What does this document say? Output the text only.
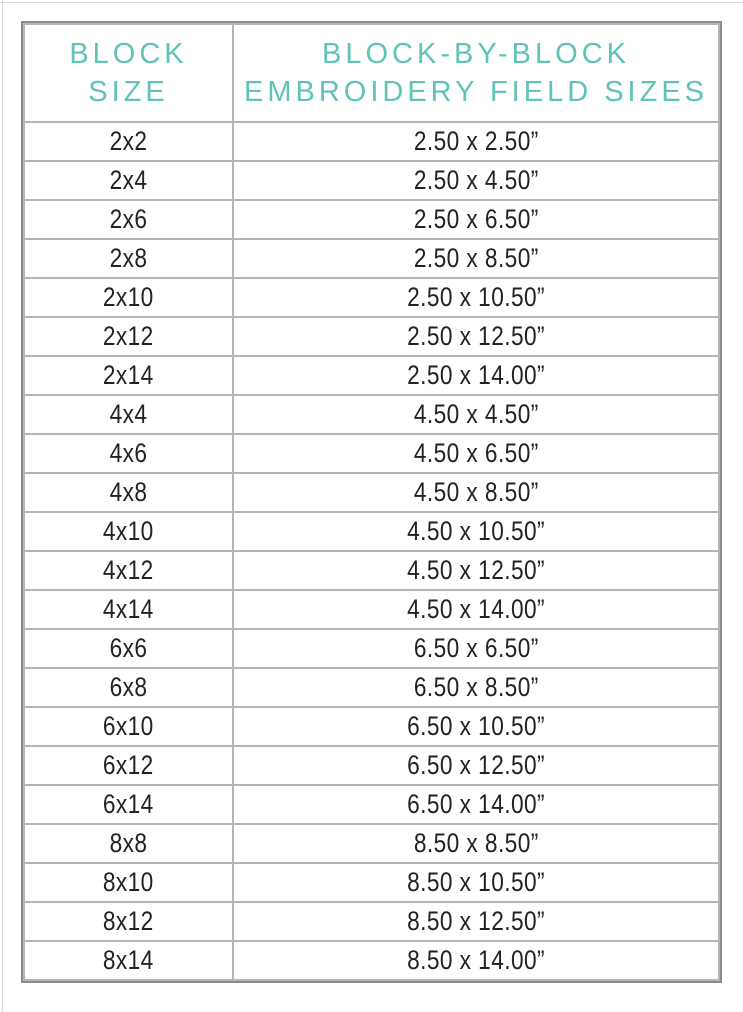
BLOCK
SIZE

BLOCK-BY-BLOCK
EMBROIDERY FIELD SIZES

2x2	2.50 x 2.50”
2x4	2.50 x 4.50”
2x6	2.50 x 6.50”
2x8	2.50 x 8.50”
2x10	2.50 x 10.50”
2x12	2.50 x 12.50”
2x14	2.50 x 14.00”
4x4	4.50 x 4.50”
4x6	4.50 x 6.50”
4x8	4.50 x 8.50”
4x10	4.50 x 10.50”
4x12	4.50 x 12.50”
4x14	4.50 x 14.00”
6x6	6.50 x 6.50”
6x8	6.50 x 8.50”
6x10	6.50 x 10.50”
6x12	6.50 x 12.50”
6x14	6.50 x 14.00”
8x8	8.50 x 8.50”
8x10	8.50 x 10.50”
8x12	8.50 x 12.50”
8x14	8.50 x 14.00”
